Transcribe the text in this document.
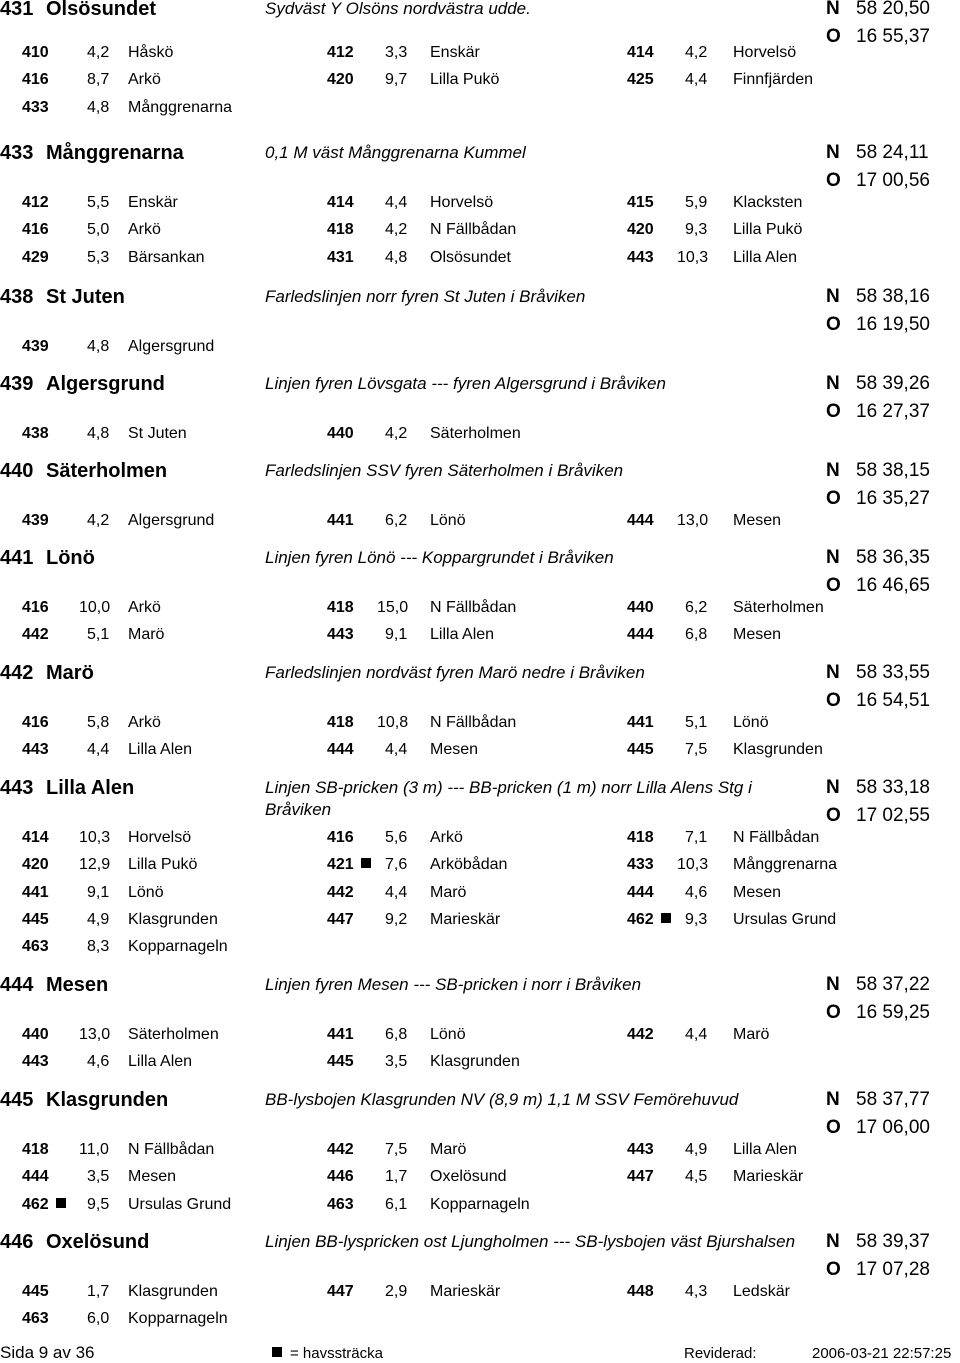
431 Olsösundet	Sydväst Y Olsöns nordvästra udde.	N 58 20,50
O 16 55,37
410 4,2 Håskö	412 3,3 Enskär	414 4,2 Horvelsö
416 8,7 Arkö	420 9,7 Lilla Pukö	425 4,4 Finnfjärden
433 4,8 Månggrenarna
433 Månggrenarna	0,1 M väst Månggrenarna Kummel	N 58 24,11
O 17 00,56
412 5,5 Enskär	414 4,4 Horvelsö	415 5,9 Klacksten
416 5,0 Arkö	418 4,2 N Fällbådan	420 9,3 Lilla Pukö
429 5,3 Bärsankan	431 4,8 Olsösundet	443 10,3 Lilla Alen
438 St Juten	Farledslinjen norr fyren St Juten i Bråviken	N 58 38,16
O 16 19,50
439 4,8 Algersgrund
439 Algersgrund	Linjen fyren Lövsgata --- fyren Algersgrund i Bråviken	N 58 39,26
O 16 27,37
438 4,8 St Juten	440 4,2 Säterholmen
440 Säterholmen	Farledslinjen SSV fyren Säterholmen i Bråviken	N 58 38,15
O 16 35,27
439 4,2 Algersgrund	441 6,2 Lönö	444 13,0 Mesen
441 Lönö	Linjen fyren Lönö --- Koppargrundet i Bråviken	N 58 36,35
O 16 46,65
416 10,0 Arkö	418 15,0 N Fällbådan	440 6,2 Säterholmen
442 5,1 Marö	443 9,1 Lilla Alen	444 6,8 Mesen
442 Marö	Farledslinjen nordväst fyren Marö nedre i Bråviken	N 58 33,55
O 16 54,51
416 5,8 Arkö	418 10,8 N Fällbådan	441 5,1 Lönö
443 4,4 Lilla Alen	444 4,4 Mesen	445 7,5 Klasgrunden
443 Lilla Alen	Linjen SB-pricken (3 m) --- BB-pricken (1 m) norr Lilla Alens Stg i Bråviken
N 58 33,18
O 17 02,55
414 10,3 Horvelsö	416 5,6 Arkö	418 7,1 N Fällbådan
420 12,9 Lilla Pukö	421	7,6 Arköbådan	433 10,3 Månggrenarna
441 9,1 Lönö	442 4,4 Marö	444 4,6 Mesen
445 4,9 Klasgrunden	447 9,2 Marieskär	462	9,3 Ursulas Grund
463 8,3 Kopparnageln
444 Mesen	Linjen fyren Mesen --- SB-pricken i norr i Bråviken	N 58 37,22
O 16 59,25
440 13,0 Säterholmen	441 6,8 Lönö	442 4,4 Marö
443 4,6 Lilla Alen	445 3,5 Klasgrunden
445 Klasgrunden	BB-lysbojen Klasgrunden NV (8,9 m) 1,1 M SSV Femörehuvud	N 58 37,77
O 17 06,00
418 11,0 N Fällbådan	442 7,5 Marö	443 4,9 Lilla Alen
444 3,5 Mesen	446 1,7 Oxelösund	447 4,5 Marieskär
462	9,5 Ursulas Grund	463 6,1 Kopparnageln
446 Oxelösund	Linjen BB-lyspricken ost Ljungholmen --- SB-lysbojen väst Bjurshalsen N 58 39,37
O 17 07,28
445 1,7 Klasgrunden	447 2,9 Marieskär	448 4,3 Ledskär
463 6,0 Kopparnageln
Sida 9 av 36	= havssträcka	Reviderad:	2006-03-21 22:57:25
